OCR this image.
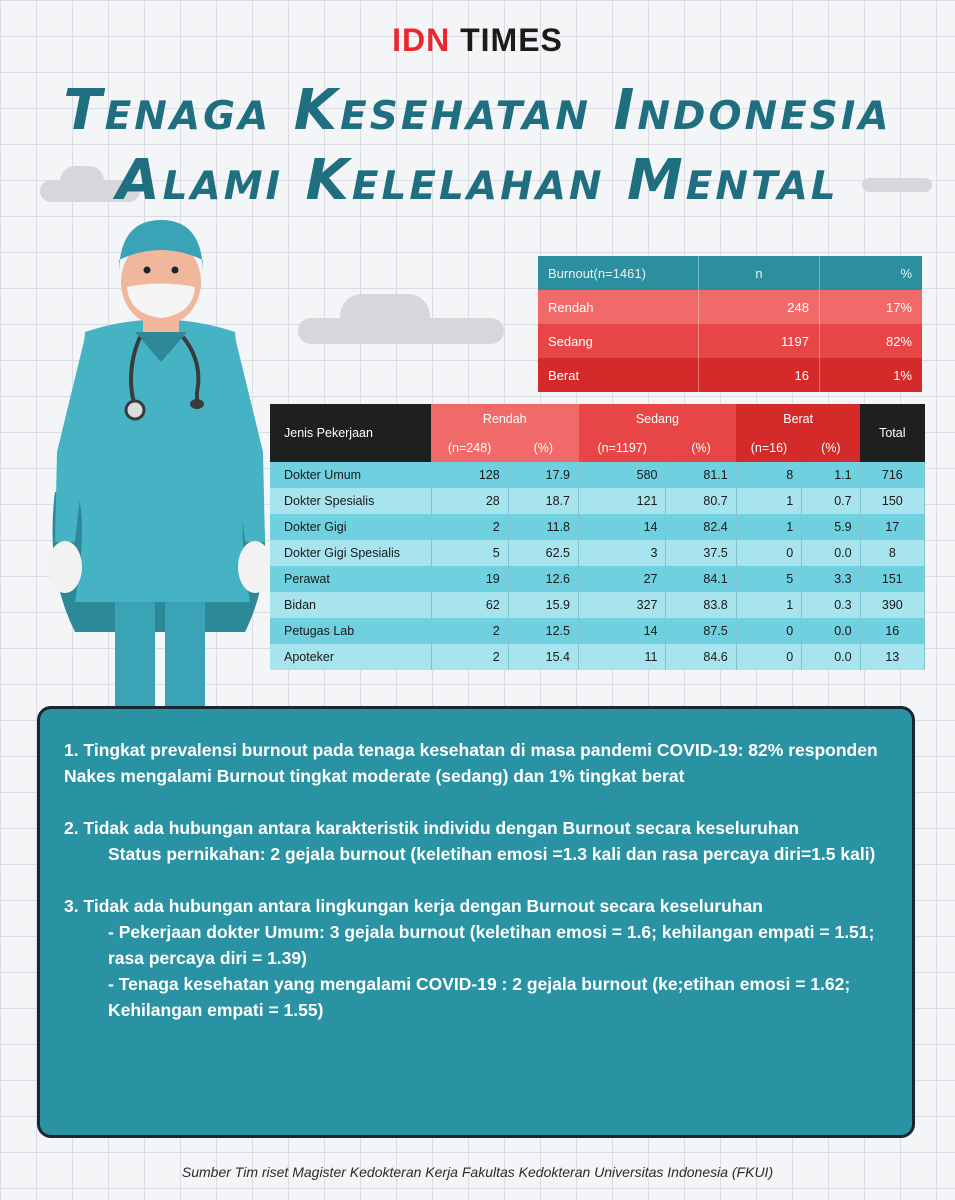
IDN TIMES
Tenaga Kesehatan Indonesia
Alami Kelelahan Mental
Burnout(n=1461)	n	%
Rendah	248	17%
Sedang	1197	82%
Berat	16	1%
Jenis Pekerjaan	Rendah		Sedang		Berat		Total
	(n=248)	(%)	(n=1197)	(%)	(n=16)	(%)	
Dokter Umum	128	17.9	580	81.1	8	1.1	716
Dokter Spesialis	28	18.7	121	80.7	1	0.7	150
Dokter Gigi	2	11.8	14	82.4	1	5.9	17
Dokter Gigi Spesialis	5	62.5	3	37.5	0	0.0	8
Perawat	19	12.6	27	84.1	5	3.3	151
Bidan	62	15.9	327	83.8	1	0.3	390
Petugas Lab	2	12.5	14	87.5	0	0.0	16
Apoteker	2	15.4	11	84.6	0	0.0	13

1. Tingkat prevalensi burnout pada tenaga kesehatan di masa pandemi COVID-19: 82% responden Nakes mengalami Burnout tingkat moderate (sedang) dan 1% tingkat berat

2. Tidak ada hubungan antara karakteristik individu dengan Burnout secara keseluruhan
Status pernikahan: 2 gejala burnout (keletihan emosi =1.3 kali dan rasa percaya diri=1.5 kali)

3. Tidak ada hubungan antara lingkungan kerja dengan Burnout secara keseluruhan
- Pekerjaan dokter Umum: 3 gejala burnout (keletihan emosi = 1.6; kehilangan empati = 1.51; rasa percaya diri = 1.39)
- Tenaga kesehatan yang mengalami COVID-19 : 2 gejala burnout (ke;etihan emosi = 1.62; Kehilangan empati = 1.55)

Sumber Tim riset Magister Kedokteran Kerja Fakultas Kedokteran Universitas Indonesia (FKUI)
